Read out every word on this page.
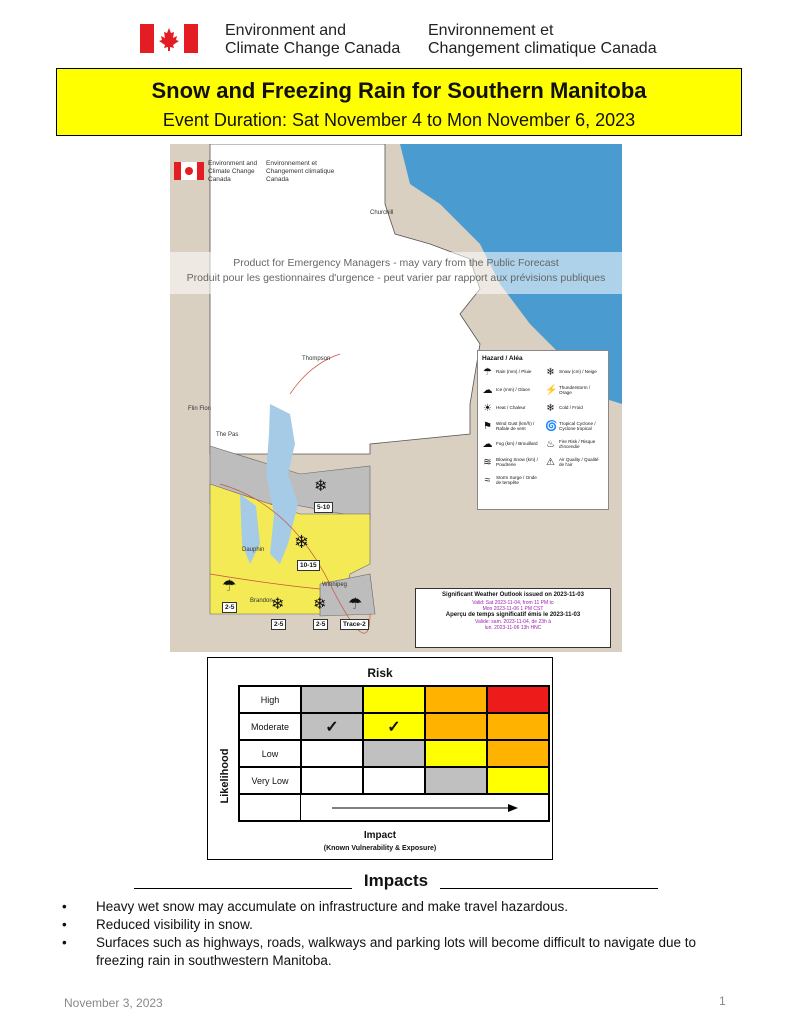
Environment and
Climate Change Canada
Environnement et
Changement climatique Canada
Snow and Freezing Rain for Southern Manitoba
Event Duration: Sat November 4 to Mon November 6, 2023
Environment and Climate Change Canada
Environnement et Changement climatique Canada
Product for Emergency Managers - may vary from the Public Forecast
Produit pour les gestionnaires d'urgence - peut varier par rapport aux prévisions publiques
Churchill
Thompson
Flin Flon
The Pas
Dauphin
Brandon
Winnipeg
❄
❄
❄ ❄
☂
☂
5-10
10-15
2-5
2-5	2-5	Trace-2
Hazard / Aléa
☂ Rain (mm) / Pluie ❄ Snow (cm) / Neige
☁ Ice (mm) / Glace ⚡ Thunderstorm / Orage
☀ Heat / Chaleur ❄ Cold / Froid
⚑ Wind Gust (km/h) / Rafale de vent	🌀 Tropical Cyclone / Cyclone tropical
☁ Fog (km) / Brouillard ♨ Fire Risk / Risque d'incendie
≋ Blowing Snow (km) / Poudrerie	⚠ Air Quality / Qualité de l'air
≈	Storm Surge / Onde de tempête
Significant Weather Outlook issued on 2023-11-03
Valid: Sat 2023-11-04, from 11 PM to
Mon 2023-11-06 1 PM CST
Aperçu de temps significatif émis le 2023-11-03
Valide: sam. 2023-11-04, de 23h à
lun. 2023-11-06 13h HNC
Risk
Likelihood
High
Moderate	✓	✓
Low
Very Low
Impact
(Known Vulnerability & Exposure)
Impacts
•	Heavy wet snow may accumulate on infrastructure and make travel hazardous.
•	Reduced visibility in snow.
•	Surfaces such as highways, roads, walkways and parking lots will become difficult to navigate due to freezing rain in southwestern Manitoba.
November 3, 2023	1
